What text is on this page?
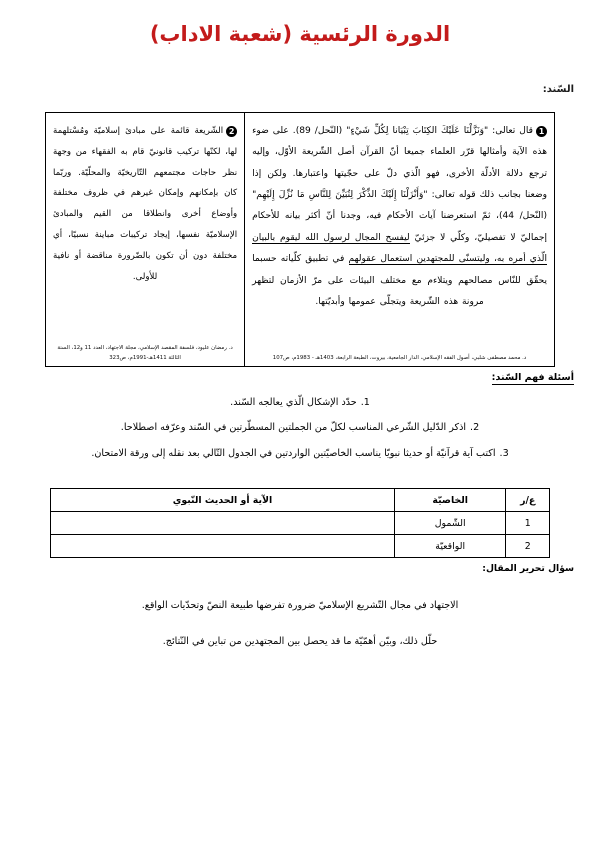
الدورة الرئسية (شعبة الاداب)
السّند:
1قال تعالى: "وَنَزَّلْنَا عَلَيْكَ الكِتَابَ تِبْيَانا لِكُلِّ شَيْءٍ" (النّحل/ 89). على ضوء هذه الآية وأمثالها قرّر العلماء جميعا أنّ القرآن أصل الشّريعة الأوّل، وإليه ترجع دلالة الأدلّة الأخرى، فهو الّذي دلّ على حجّيتها واعتبارها. ولكن إذا وضعنا بجانب ذلك قوله تعالى: "وَأَنْزَلْنَا إِلَيْكَ الذِّكْرَ لِتُبَيِّنَ لِلنَّاسِ مَا نُزِّلَ إِلَيْهِم"(النّحل/ 44)، ثمّ استعرضنا آيات الأحكام فيه، وجدنا أنّ أكثر بيانه للأحكام إجماليّ لا تفصيليّ، وكلّي لا جزئيّ ليفسح المجال لرسول الله ليقوم بالبيان الّذي أمره به، وليتسنّى للمجتهدين استعمال عقولهم في تطبيق كلّياته حسبما يحقّق للنّاس مصالحهم ويتلاءم مع مختلف البيئات على مرّ الأزمان لتظهر مرونة هذه الشّريعة ويتجلّى عمومها وأبديّتها.
د. محمد مصطفى شلبي، أصول الفقه الإسلامي، الدار الجامعية، بيروت، الطبعة الرابعة، 1403هـ - 1983م، ص107
2الشّريعة قائمة على مبادئ إسلاميّة ومُسْتلهمة لها، لكنّها تركيب قانونيّ قام به الفقهاء من وجهة نظر حاجات مجتمعهم التّاريخيّة والمحلّيّة. وربّما كان بإمكانهم وإمكان غيرهم في ظروف مختلفة وأوضاع أخرى وانطلاقا من القيم والمبادئ الإسلاميّة نفسها، إيجاد تركيبات مباينة نسبيّا، أي مختلفة دون أن تكون بالضّرورة مناقضة أو نافية للأولى.
د. رمضان عليود، فلسفة المقصد الإسلامي، مجلة الاجتهاد، العدد 11 و12، السنة الثالثة 1411هـ-1991م، ص323
أسئلة فهم السّند:
1.حدّد الإشكال الّذي يعالجه السّند.
2.اذكر الدّليل الشّرعي المناسب لكلّ من الجملتين المسطّرتين في السّند وعرّفه اصطلاحا.
3.اكتب آية قرآنيّة أو حديثا نبويّا يناسب الخاصيّتين الواردتين في الجدول التّالي بعد نقله إلى ورقة الامتحان.
ع/ر	الخاصيّة	الآية أو الحديث النّبوي
1	الشّمول	
2	الواقعيّة	
سؤال تحرير المقال:
الاجتهاد في مجال التّشريع الإسلاميّ ضرورة تفرضها طبيعة النصّ وتحدّيات الواقع.
حلّل ذلك، وبيّن أهمّيّة ما قد يحصل بين المجتهدين من تباين في النّتائج.
